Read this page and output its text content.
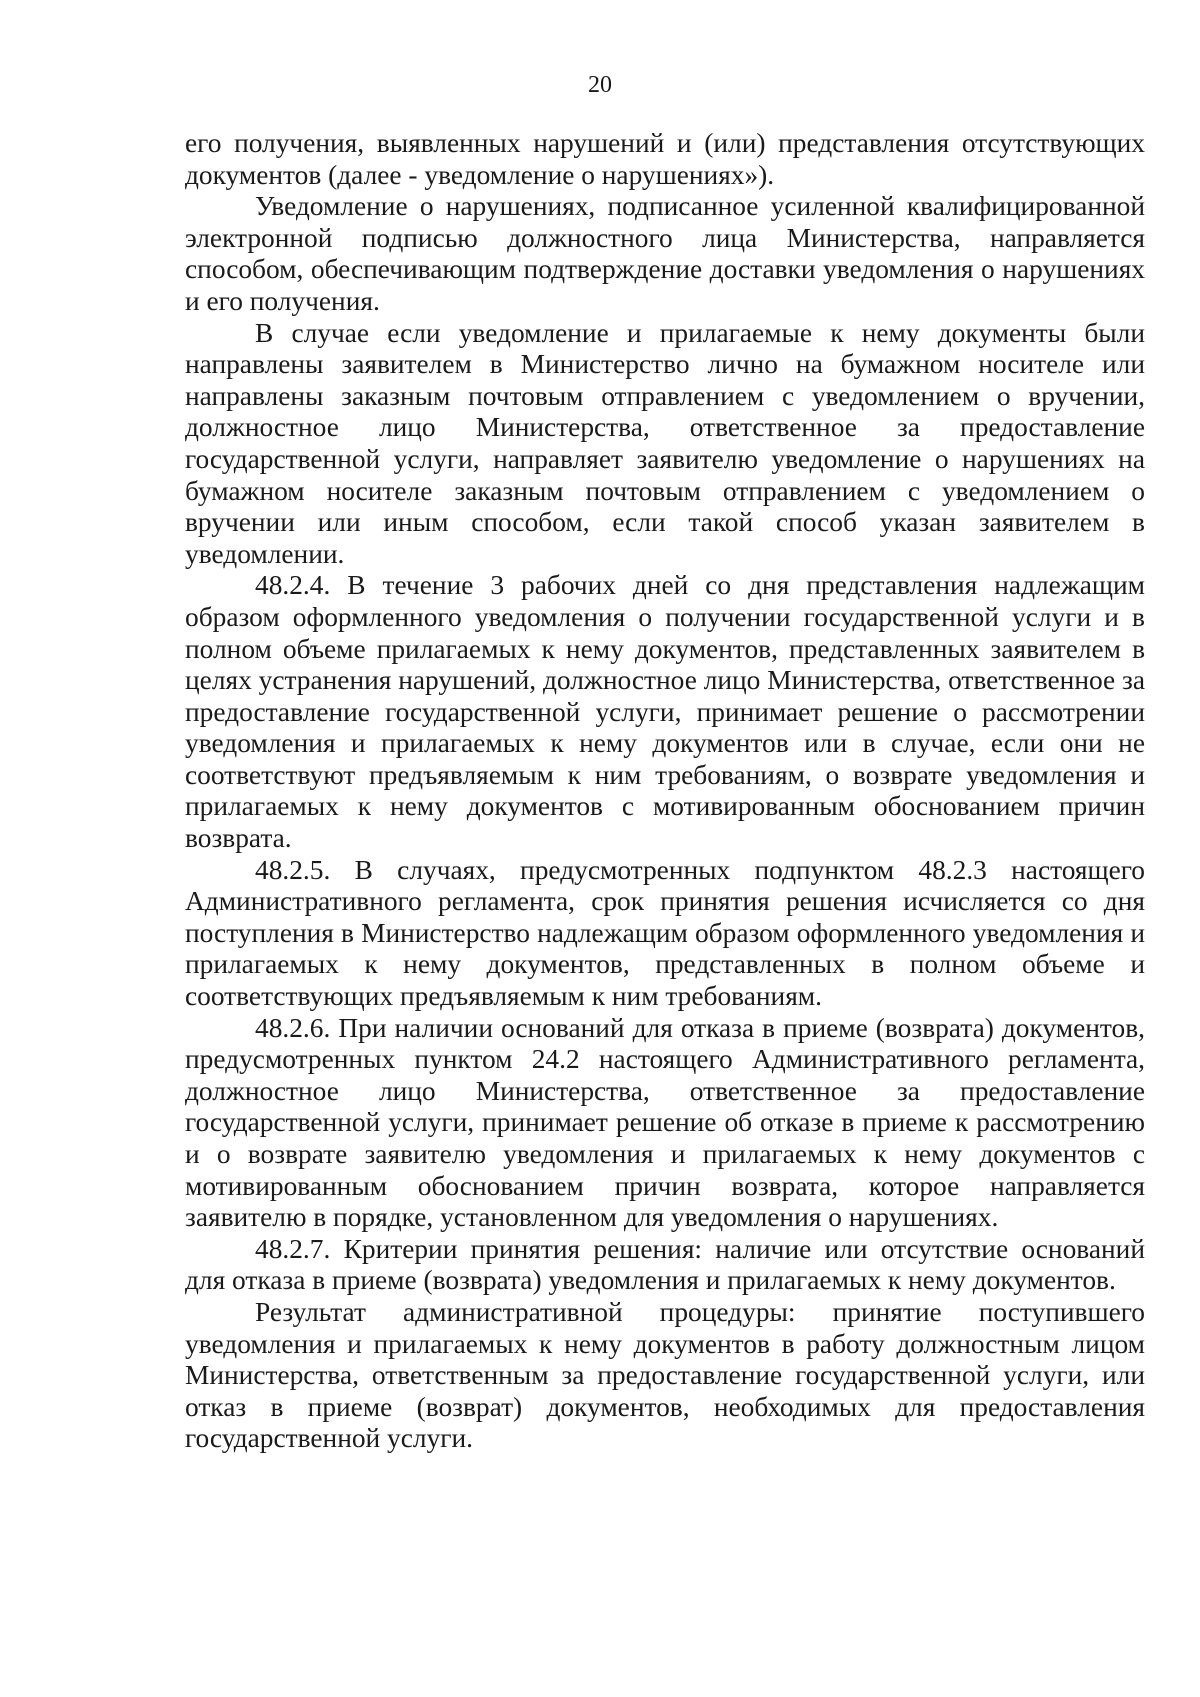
20

его получения, выявленных нарушений и (или) представления отсутствующих документов (далее - уведомление о нарушениях»).

Уведомление о нарушениях, подписанное усиленной квалифицированной электронной подписью должностного лица Министерства, направляется способом, обеспечивающим подтверждение доставки уведомления о нарушениях и его получения.

В случае если уведомление и прилагаемые к нему документы были направлены заявителем в Министерство лично на бумажном носителе или направлены заказным почтовым отправлением с уведомлением о вручении, должностное лицо Министерства, ответственное за предоставление государственной услуги, направляет заявителю уведомление о нарушениях на бумажном носителе заказным почтовым отправлением с уведомлением о вручении или иным способом, если такой способ указан заявителем в уведомлении.

48.2.4. В течение 3 рабочих дней со дня представления надлежащим образом оформленного уведомления о получении государственной услуги и в полном объеме прилагаемых к нему документов, представленных заявителем в целях устранения нарушений, должностное лицо Министерства, ответственное за предоставление государственной услуги, принимает решение о рассмотрении уведомления и прилагаемых к нему документов или в случае, если они не соответствуют предъявляемым к ним требованиям, о возврате уведомления и прилагаемых к нему документов с мотивированным обоснованием причин возврата.

48.2.5. В случаях, предусмотренных подпунктом 48.2.3 настоящего Административного регламента, срок принятия решения исчисляется со дня поступления в Министерство надлежащим образом оформленного уведомления и прилагаемых к нему документов, представленных в полном объеме и соответствующих предъявляемым к ним требованиям.

48.2.6. При наличии оснований для отказа в приеме (возврата) документов, предусмотренных пунктом 24.2 настоящего Административного регламента, должностное лицо Министерства, ответственное за предоставление государственной услуги, принимает решение об отказе в приеме к рассмотрению и о возврате заявителю уведомления и прилагаемых к нему документов с мотивированным обоснованием причин возврата, которое направляется заявителю в порядке, установленном для уведомления о нарушениях.

48.2.7. Критерии принятия решения: наличие или отсутствие оснований для отказа в приеме (возврата) уведомления и прилагаемых к нему документов.

Результат административной процедуры: принятие поступившего уведомления и прилагаемых к нему документов в работу должностным лицом Министерства, ответственным за предоставление государственной услуги, или отказ в приеме (возврат) документов, необходимых для предоставления государственной услуги.
